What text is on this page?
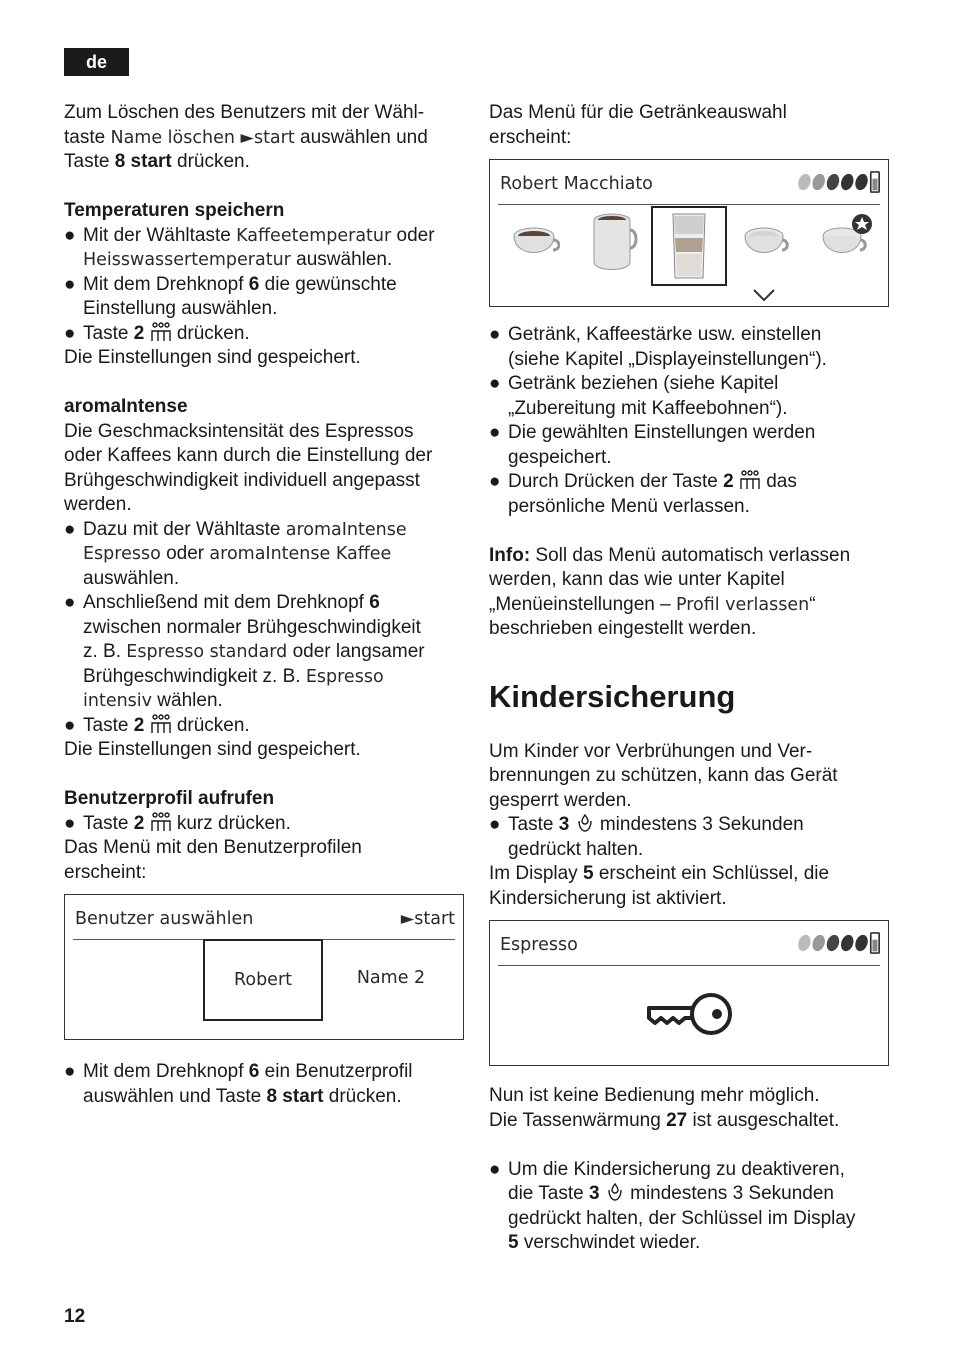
de

Zum Löschen des Benutzers mit der Wähl-
taste Name löschen ►start auswählen und
Taste 8 start drücken.

Temperaturen speichern

● Mit der Wähltaste Kaffeetemperatur oder
Heisswassertemperatur auswählen.
● Mit dem Drehknopf 6 die gewünschte
Einstellung auswählen.
● Taste 2  drücken.

Die Einstellungen sind gespeichert.

aromaIntense

Die Geschmacksintensität des Espressos
oder Kaffees kann durch die Einstellung der
Brühgeschwindigkeit individuell angepasst
werden.

● Dazu mit der Wähltaste aromaIntense
Espresso oder aromaIntense Kaffee
auswählen.
● Anschließend mit dem Drehknopf 6
zwischen normaler Brühgeschwindigkeit
z. B. Espresso standard oder langsamer
Brühgeschwindigkeit z. B. Espresso
intensiv wählen.
● Taste 2  drücken.

Die Einstellungen sind gespeichert.

Benutzerprofil aufrufen

● Taste 2  kurz drücken.

Das Menü mit den Benutzerprofilen
erscheint:

Benutzer auswählen	►start
Robert	Name 2
● Mit dem Drehknopf 6 ein Benutzerprofil
auswählen und Taste 8 start drücken.

Das Menü für die Getränkeauswahl
erscheint:

Robert Macchiato
● Getränk, Kaffeestärke usw. einstellen
(siehe Kapitel „Displayeinstellungen“).
● Getränk beziehen (siehe Kapitel
„Zubereitung mit Kaffeebohnen“).
● Die gewählten Einstellungen werden
gespeichert.
● Durch Drücken der Taste 2  das
persönliche Menü verlassen.

Info: Soll das Menü automatisch verlassen
werden, kann das wie unter Kapitel
„Menüeinstellungen – Profil verlassen“
beschrieben eingestellt werden.

Kindersicherung

Um Kinder vor Verbrühungen und Ver-
brennungen zu schützen, kann das Gerät
gesperrt werden.

● Taste 3  mindestens 3 Sekunden
gedrückt halten.

Im Display 5 erscheint ein Schlüssel, die
Kindersicherung ist aktiviert.

Espresso

Nun ist keine Bedienung mehr möglich.
Die Tassenwärmung 27 ist ausgeschaltet.

● Um die Kindersicherung zu deaktiveren,
die Taste 3  mindestens 3 Sekunden
gedrückt halten, der Schlüssel im Display
5 verschwindet wieder.
12
